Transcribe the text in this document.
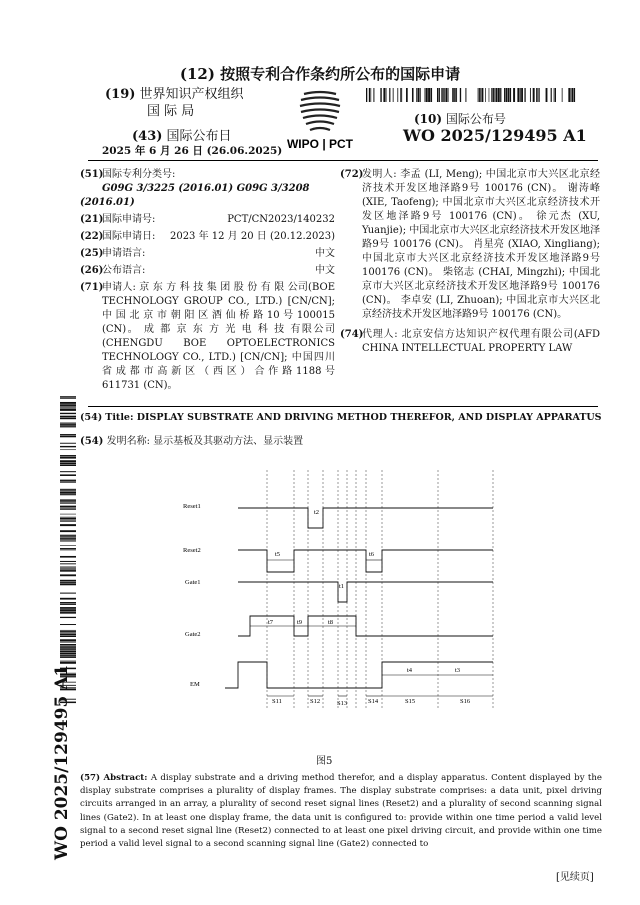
(12) 按照专利合作条约所公布的国际申请
(19) 世界知识产权组织
国 际 局
(43) 国际公布日
2025 年 6 月 26 日 (26.06.2025) WIPO | PCT
(10) 国际公布号
WO 2025/129495 A1

(51)国际专利分类号:
G09G 3/3225 (2016.01) G09G 3/3208 (2016.01)

(21)国际申请号:	PCT/CN2023/140232

(22)国际申请日: 2023 年 12 月 20 日 (20.12.2023)

(25)申请语言:	中文

(26)公布语言:	中文

(71)
申请人: 京 东 方 科 技 集 团 股 份 有 限 公司(BOE TECHNOLOGY GROUP CO., LTD.) [CN/CN]; 中 国 北 京 市 朝 阳 区 酒 仙 桥 路 10 号 100015 (CN)。 成 都 京 东 方 光 电 科 技 有限公司(CHENGDU BOE OPTOELECTRONICS TECHNOLOGY CO., LTD.) [CN/CN]; 中国四川省 成 都 市 高 新 区 （ 西 区 ） 合 作 路 1188 号 611731 (CN)。

(72)
发明人: 李孟 (LI, Meng); 中国北京市大兴区北京经济技术开发区地泽路9号 100176 (CN)。 谢涛峰 (XIE, Taofeng); 中国北京市大兴区北京经济技术开发区地泽路9号 100176 (CN)。 徐元杰 (XU, Yuanjie); 中国北京市大兴区北京经济技术开发区地泽路9号 100176 (CN)。 肖星亮 (XIAO, Xingliang); 中国北京市大兴区北京经济技术开发区地泽路9号 100176 (CN)。 柴铭志 (CHAI, Mingzhi); 中国北京市大兴区北京经济技术开发区地泽路9号 100176 (CN)。 李卓安 (LI, Zhuoan); 中国北京市大兴区北京经济技术开发区地泽路9号 100176 (CN)。

(74)
代理人: 北京安信方达知识产权代理有限公司(AFD CHINA INTELLECTUAL PROPERTY LAW

WO 2025/129495 A1
(54) Title: DISPLAY SUBSTRATE AND DRIVING METHOD THEREFOR, AND DISPLAY APPARATUS
(54) 发明名称: 显示基板及其驱动方法、显示装置
Reset1
Reset2
Gate1
Gate2
EM
t2
t5	t6
t1
t7	t9	t8
t4	t3
S11	S12	S13	S14	S15	S16
图5
(57) Abstract: A display substrate and a driving method therefor, and a display apparatus. Content displayed by the display substrate comprises a plurality of display frames. The display substrate comprises: a data unit, pixel driving circuits arranged in an array, a plurality of second reset signal lines (Reset2) and a plurality of second scanning signal lines (Gate2). In at least one display frame, the data unit is configured to: provide within one time period a valid level signal to a second reset signal line (Reset2) connected to at least one pixel driving circuit, and provide within one time period a valid level signal to a second scanning signal line (Gate2) connected to
[见续页]
